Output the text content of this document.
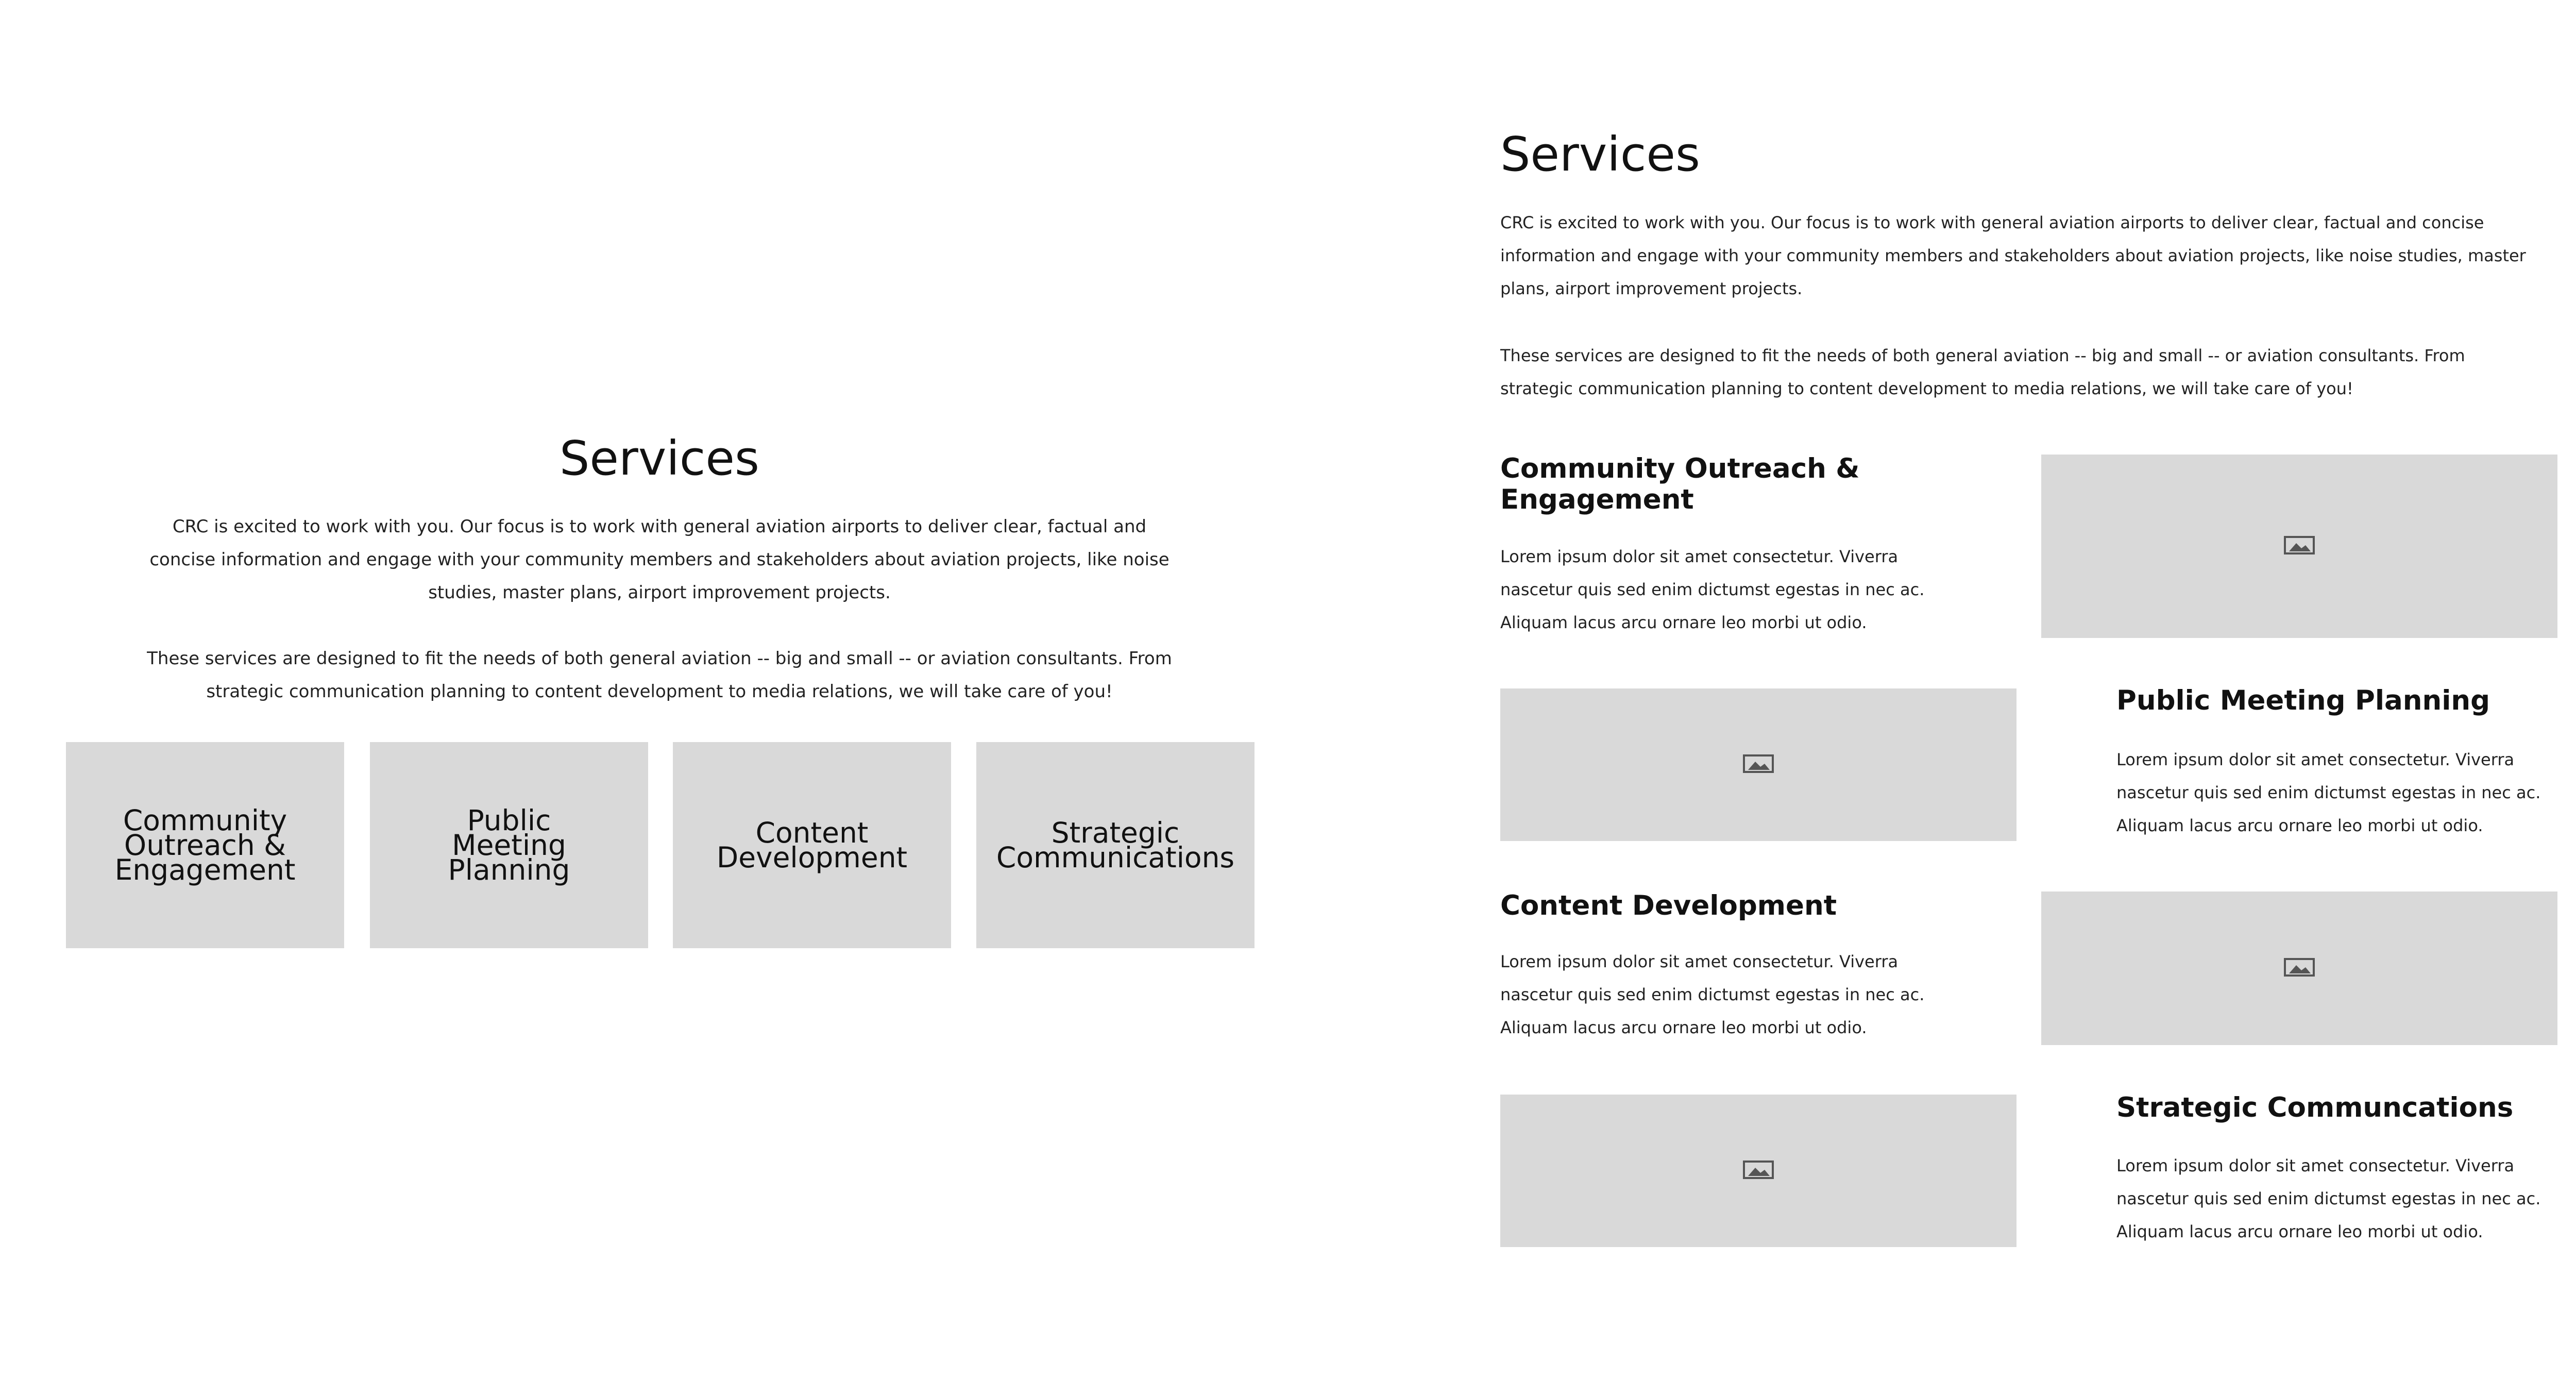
Services

CRC is excited to work with you. Our focus is to work with general aviation airports to deliver clear, factual and concise information and engage with your community members and stakeholders about aviation projects, like noise studies, master plans, airport improvement projects.

These services are designed to fit the needs of both general aviation -- big and small -- or aviation consultants. From strategic communication planning to content development to media relations, we will take care of you!

Community Outreach & Engagement
Public Meeting Planning
Content Development
Strategic Communications
Services

CRC is excited to work with you. Our focus is to work with general aviation airports to deliver clear, factual and concise information and engage with your community members and stakeholders about aviation projects, like noise studies, master plans, airport improvement projects.

These services are designed to fit the needs of both general aviation -- big and small -- or aviation consultants. From strategic communication planning to content development to media relations, we will take care of you!

Community Outreach & Engagement

Lorem ipsum dolor sit amet consectetur. Viverra nascetur quis sed enim dictumst egestas in nec ac. Aliquam lacus arcu ornare leo morbi ut odio.

Public Meeting Planning

Lorem ipsum dolor sit amet consectetur. Viverra nascetur quis sed enim dictumst egestas in nec ac. Aliquam lacus arcu ornare leo morbi ut odio.

Content Development

Lorem ipsum dolor sit amet consectetur. Viverra nascetur quis sed enim dictumst egestas in nec ac. Aliquam lacus arcu ornare leo morbi ut odio.

Strategic Communcations

Lorem ipsum dolor sit amet consectetur. Viverra nascetur quis sed enim dictumst egestas in nec ac. Aliquam lacus arcu ornare leo morbi ut odio.
